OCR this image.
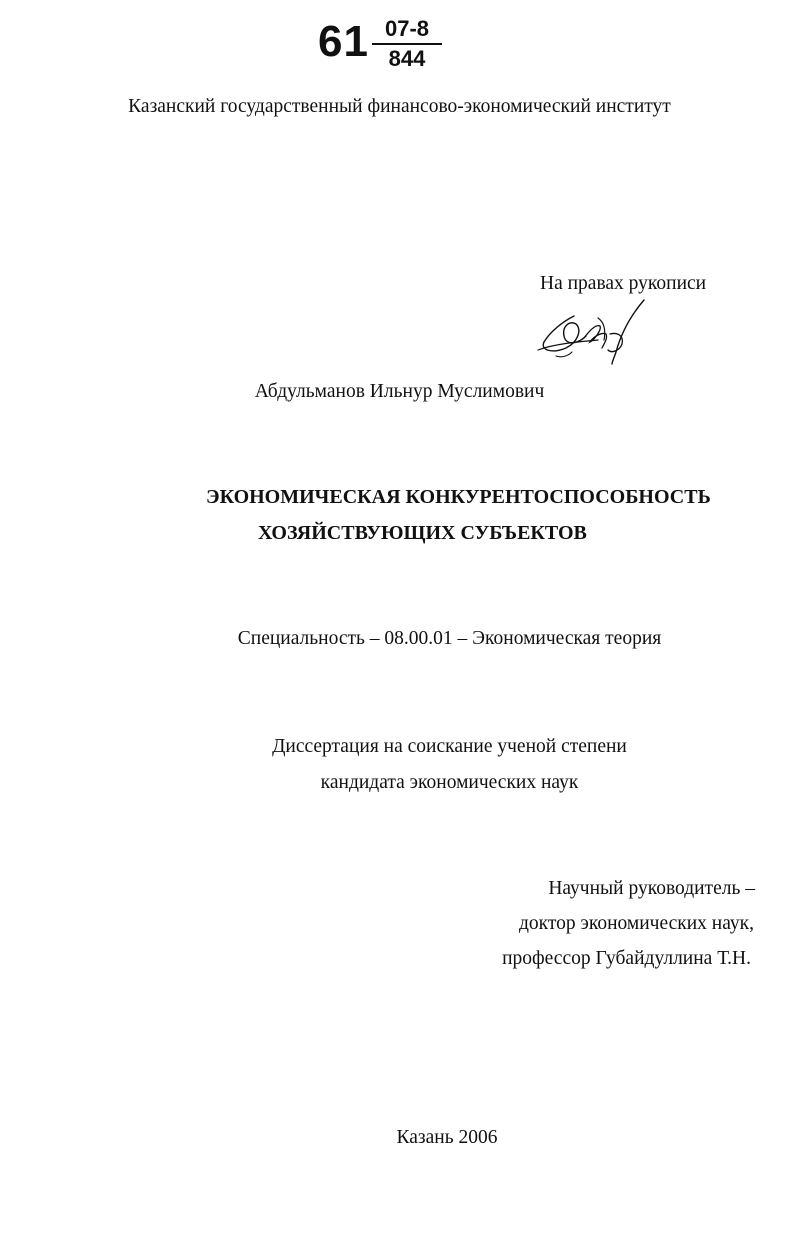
61 07-8
844
Казанский государственный финансово-экономический институт
На правах рукописи
Абдульманов Ильнур Муслимович
ЭКОНОМИЧЕСКАЯ КОНКУРЕНТОСПОСОБНОСТЬ
ХОЗЯЙСТВУЮЩИХ СУБЪЕКТОВ
Специальность – 08.00.01 – Экономическая теория
Диссертация на соискание ученой степени
кандидата экономических наук
Научный руководитель –
доктор экономических наук,
профессор Губайдуллина Т.Н.
Казань 2006
